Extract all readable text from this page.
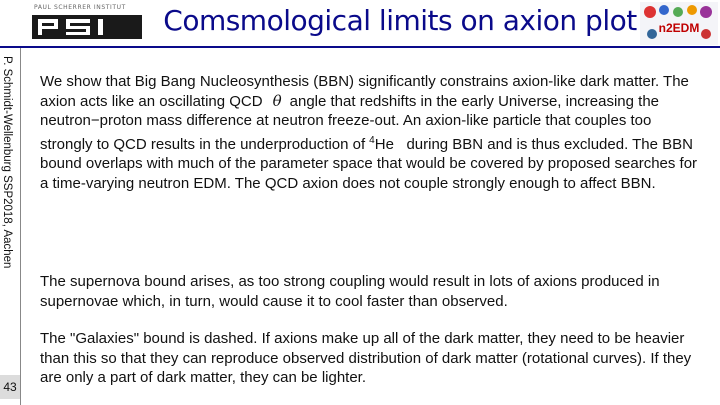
PAUL SCHERRER INSTITUT Comsmological limits on axion plot n2EDM
P. Schmidt-Wellenburg SSP2018, Aachen
43
We show that Big Bang Nucleosynthesis (BBN) significantly constrains axion-like dark matter. The axion acts like an oscillating QCD θ angle that redshifts in the early Universe, increasing the neutron−proton mass difference at neutron freeze-out. An axion-like particle that couples too strongly to QCD results in the underproduction of $^4$He during BBN and is thus excluded. The BBN bound overlaps with much of the parameter space that would be covered by proposed searches for a time-varying neutron EDM. The QCD axion does not couple strongly enough to affect BBN.
The supernova bound arises, as too strong coupling would result in lots of axions produced in supernovae which, in turn, would cause it to cool faster than observed.
The "Galaxies" bound is dashed. If axions make up all of the dark matter, they need to be heavier than this so that they can reproduce observed distribution of dark matter (rotational curves). If they are only a part of dark matter, they can be lighter.
